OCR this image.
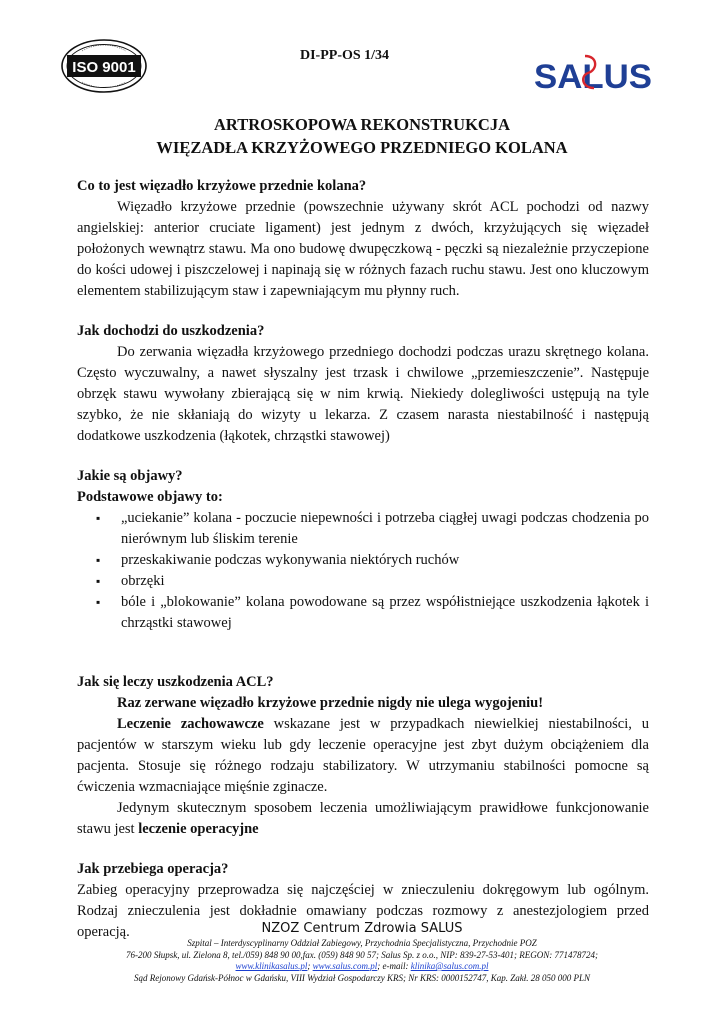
ISO 9001
DI-PP-OS 1/34
SALUS
ARTROSKOPOWA REKONSTRUKCJA
WIĘZADŁA KRZYŻOWEGO PRZEDNIEGO KOLANA
Co to jest więzadło krzyżowe przednie kolana?

Więzadło krzyżowe przednie (powszechnie używany skrót ACL pochodzi od nazwy angielskiej: anterior cruciate ligament) jest jednym z dwóch, krzyżujących się więzadeł położonych wewnątrz stawu. Ma ono budowę dwupęczkową - pęczki są niezależnie przyczepione do kości udowej i piszczelowej i napinają się w różnych fazach ruchu stawu. Jest ono kluczowym elementem stabilizującym staw i zapewniającym mu płynny ruch.

Jak dochodzi do uszkodzenia?

Do zerwania więzadła krzyżowego przedniego dochodzi podczas urazu skrętnego kolana. Często wyczuwalny, a nawet słyszalny jest trzask i chwilowe „przemieszczenie”. Następuje obrzęk stawu wywołany zbierającą się w nim krwią. Niekiedy dolegliwości ustępują na tyle szybko, że nie skłaniają do wizyty u lekarza. Z czasem narasta niestabilność i następują dodatkowe uszkodzenia (łąkotek, chrząstki stawowej)

Jakie są objawy?
Podstawowe objawy to:
▪ „uciekanie” kolana - poczucie niepewności i potrzeba ciągłej uwagi podczas chodzenia po nierównym lub śliskim terenie
▪ przeskakiwanie podczas wykonywania niektórych ruchów
▪ obrzęki
▪ bóle i „blokowanie” kolana powodowane są przez współistniejące uszkodzenia łąkotek i chrząstki stawowej
Jak się leczy uszkodzenia ACL?
Raz zerwane więzadło krzyżowe przednie nigdy nie ulega wygojeniu!

Leczenie zachowawcze wskazane jest w przypadkach niewielkiej niestabilności, u pacjentów w starszym wieku lub gdy leczenie operacyjne jest zbyt dużym obciążeniem dla pacjenta. Stosuje się różnego rodzaju stabilizatory. W utrzymaniu stabilności pomocne są ćwiczenia wzmacniające mięśnie zginacze.

Jedynym skutecznym sposobem leczenia umożliwiającym prawidłowe funkcjonowanie stawu jest leczenie operacyjne

Jak przebiega operacja?

Zabieg operacyjny przeprowadza się najczęściej w znieczuleniu dokręgowym lub ogólnym. Rodzaj znieczulenia jest dokładnie omawiany podczas rozmowy z anestezjologiem przed operacją.	NZOZ Centrum Zdrowia SALUS
Szpital – Interdyscyplinarny Oddział Zabiegowy, Przychodnia Specjalistyczna, Przychodnie POZ
76-200 Słupsk, ul. Zielona 8, tel./059) 848 90 00,fax. (059) 848 90 57; Salus Sp. z o.o., NIP: 839-27-53-401; REGON: 771478724;
www.klinikasalus.pl; www.salus.com.pl; e-mail: klinika@salus.com.pl
Sąd Rejonowy Gdańsk-Północ w Gdańsku, VIII Wydział Gospodarczy KRS; Nr KRS: 0000152747, Kap. Zakł. 28 050 000 PLN
